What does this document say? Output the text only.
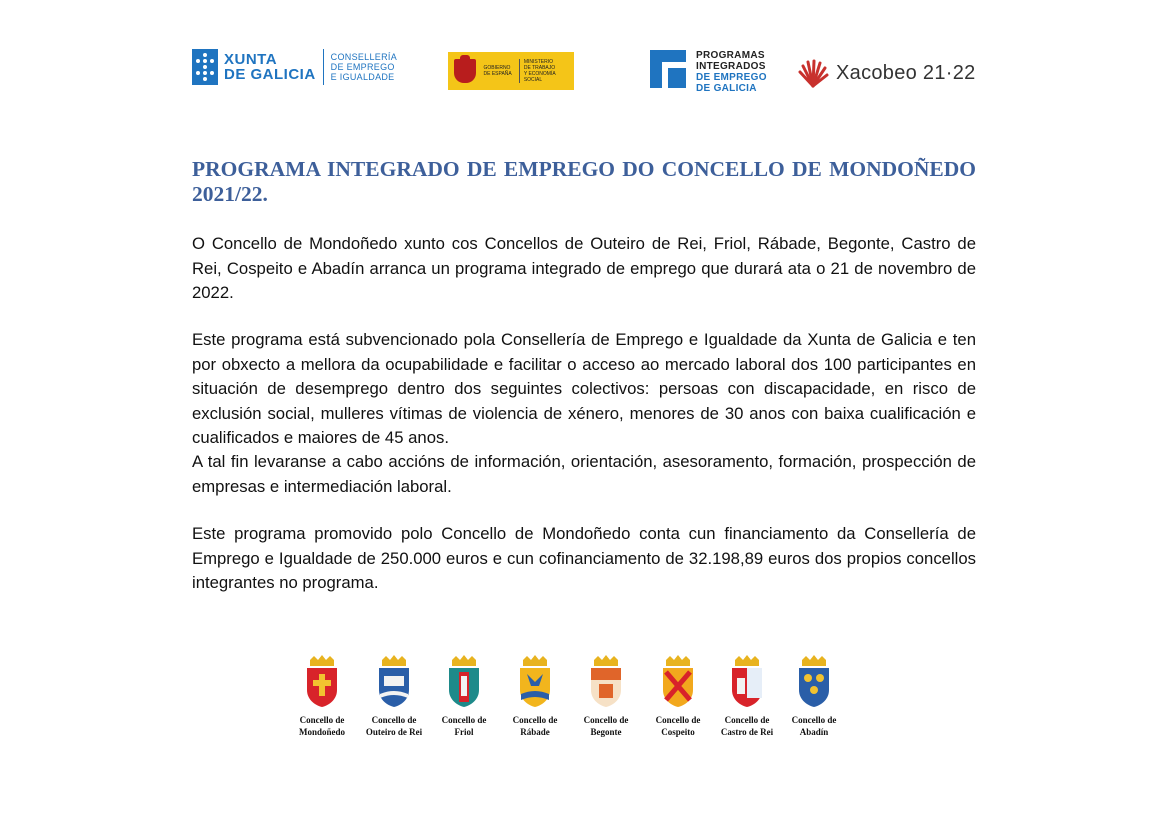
XUNTA
DE GALICIA
CONSELLERÍA
DE EMPREGO
E IGUALDADE
GOBIERNO
DE ESPAÑA
MINISTERIO
DE TRABAJO
Y ECONOMÍA SOCIAL
PROGRAMAS
INTEGRADOS
DE EMPREGO
DE GALICIA
Xacobeo 21·22
PROGRAMA INTEGRADO DE EMPREGO DO CONCELLO DE MONDOÑEDO 2021/22.

O Concello de Mondoñedo xunto cos Concellos de Outeiro de Rei, Friol, Rábade, Begonte, Castro de Rei, Cospeito e Abadín arranca un programa integrado de emprego que durará ata o 21 de novembro de 2022.

Este programa está subvencionado pola Consellería de Emprego e Igualdade da Xunta de Galicia e ten por obxecto a mellora da ocupabilidade e facilitar o acceso ao mercado laboral dos 100 participantes en situación de desemprego dentro dos seguintes colectivos: persoas con discapacidade, en risco de exclusión social, mulleres vítimas de violencia de xénero, menores de 30 anos con baixa cualificación e cualificados e maiores de 45 anos.

A tal fin levaranse a cabo accións de información, orientación, asesoramento, formación, prospección de empresas e intermediación laboral.

Este programa promovido polo Concello de Mondoñedo conta cun financiamento da Consellería de Emprego e Igualdade de 250.000 euros e cun cofinanciamento de 32.198,89 euros dos propios concellos integrantes no programa.

Concello de
Mondoñedo
Concello de
Outeiro de Rei
Concello de
Friol
Concello de
Rábade
Concello de
Begonte
Concello de
Cospeito
Concello de
Castro de Rei
Concello de
Abadín
